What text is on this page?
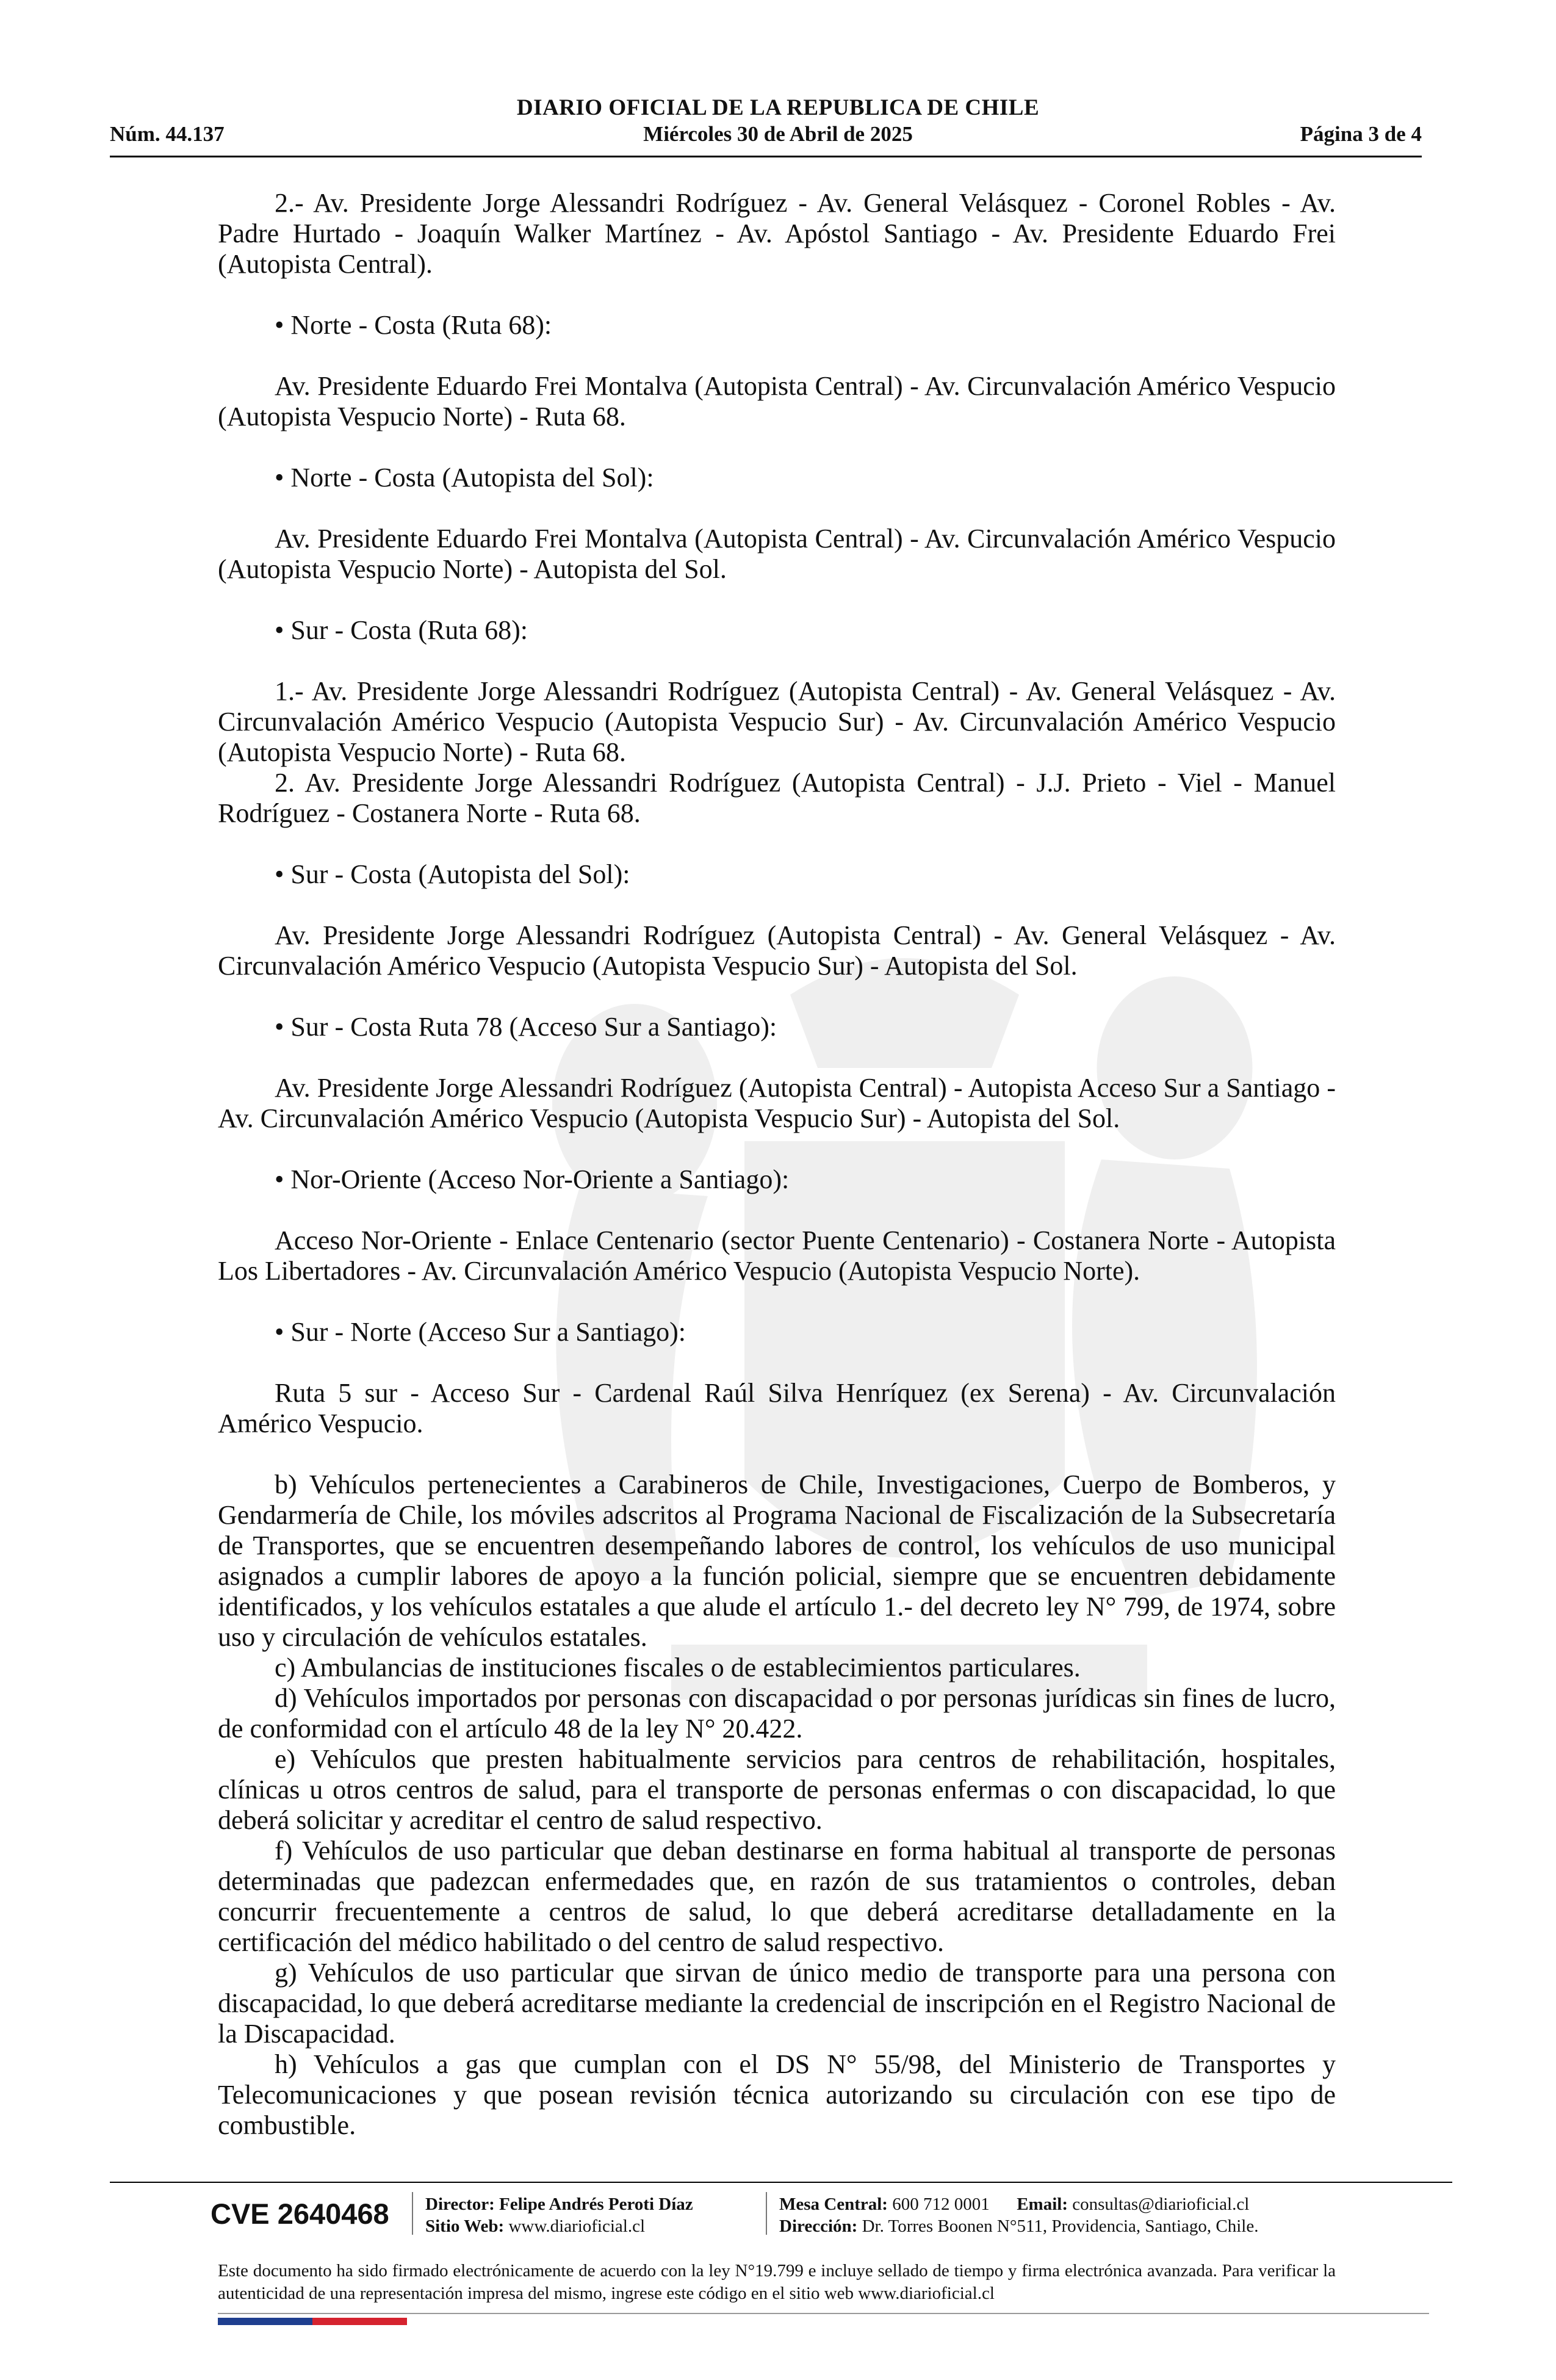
DIARIO OFICIAL DE LA REPUBLICA DE CHILE
Núm. 44.137	Miércoles 30 de Abril de 2025	Página 3 de 4

2.- Av. Presidente Jorge Alessandri Rodríguez - Av. General Velásquez - Coronel Robles - Av. Padre Hurtado - Joaquín Walker Martínez - Av. Apóstol Santiago - Av. Presidente Eduardo Frei (Autopista Central).

• Norte - Costa (Ruta 68):

Av. Presidente Eduardo Frei Montalva (Autopista Central) - Av. Circunvalación Américo Vespucio (Autopista Vespucio Norte) - Ruta 68.

• Norte - Costa (Autopista del Sol):

Av. Presidente Eduardo Frei Montalva (Autopista Central) - Av. Circunvalación Américo Vespucio (Autopista Vespucio Norte) - Autopista del Sol.

• Sur - Costa (Ruta 68):

1.- Av. Presidente Jorge Alessandri Rodríguez (Autopista Central) - Av. General Velásquez - Av. Circunvalación Américo Vespucio (Autopista Vespucio Sur) - Av. Circunvalación Américo Vespucio (Autopista Vespucio Norte) - Ruta 68.

2. Av. Presidente Jorge Alessandri Rodríguez (Autopista Central) - J.J. Prieto - Viel - Manuel Rodríguez - Costanera Norte - Ruta 68.

• Sur - Costa (Autopista del Sol):

Av. Presidente Jorge Alessandri Rodríguez (Autopista Central) - Av. General Velásquez - Av. Circunvalación Américo Vespucio (Autopista Vespucio Sur) - Autopista del Sol.

• Sur - Costa Ruta 78 (Acceso Sur a Santiago):

Av. Presidente Jorge Alessandri Rodríguez (Autopista Central) - Autopista Acceso Sur a Santiago - Av. Circunvalación Américo Vespucio (Autopista Vespucio Sur) - Autopista del Sol.

• Nor-Oriente (Acceso Nor-Oriente a Santiago):

Acceso Nor-Oriente - Enlace Centenario (sector Puente Centenario) - Costanera Norte - Autopista Los Libertadores - Av. Circunvalación Américo Vespucio (Autopista Vespucio Norte).

• Sur - Norte (Acceso Sur a Santiago):

Ruta 5 sur - Acceso Sur - Cardenal Raúl Silva Henríquez (ex Serena) - Av. Circunvalación Américo Vespucio.

b) Vehículos pertenecientes a Carabineros de Chile, Investigaciones, Cuerpo de Bomberos, y Gendarmería de Chile, los móviles adscritos al Programa Nacional de Fiscalización de la Subsecretaría de Transportes, que se encuentren desempeñando labores de control, los vehículos de uso municipal asignados a cumplir labores de apoyo a la función policial, siempre que se encuentren debidamente identificados, y los vehículos estatales a que alude el artículo 1.- del decreto ley N° 799, de 1974, sobre uso y circulación de vehículos estatales.

c) Ambulancias de instituciones fiscales o de establecimientos particulares.

d) Vehículos importados por personas con discapacidad o por personas jurídicas sin fines de lucro, de conformidad con el artículo 48 de la ley N° 20.422.

e) Vehículos que presten habitualmente servicios para centros de rehabilitación, hospitales, clínicas u otros centros de salud, para el transporte de personas enfermas o con discapacidad, lo que deberá solicitar y acreditar el centro de salud respectivo.

f) Vehículos de uso particular que deban destinarse en forma habitual al transporte de personas determinadas que padezcan enfermedades que, en razón de sus tratamientos o controles, deban concurrir frecuentemente a centros de salud, lo que deberá acreditarse detalladamente en la certificación del médico habilitado o del centro de salud respectivo.

g) Vehículos de uso particular que sirvan de único medio de transporte para una persona con discapacidad, lo que deberá acreditarse mediante la credencial de inscripción en el Registro Nacional de la Discapacidad.

h) Vehículos a gas que cumplan con el DS N° 55/98, del Ministerio de Transportes y Telecomunicaciones y que posean revisión técnica autorizando su circulación con ese tipo de combustible.

CVE 2640468 Director: Felipe Andrés Peroti Díaz
Sitio Web: www.diarioficial.cl
Mesa Central: 600 712 0001 Email: consultas@diarioficial.cl
Dirección: Dr. Torres Boonen N°511, Providencia, Santiago, Chile.
Este documento ha sido firmado electrónicamente de acuerdo con la ley N°19.799 e incluye sellado de tiempo y firma electrónica avanzada. Para verificar la autenticidad de una representación impresa del mismo, ingrese este código en el sitio web www.diarioficial.cl
